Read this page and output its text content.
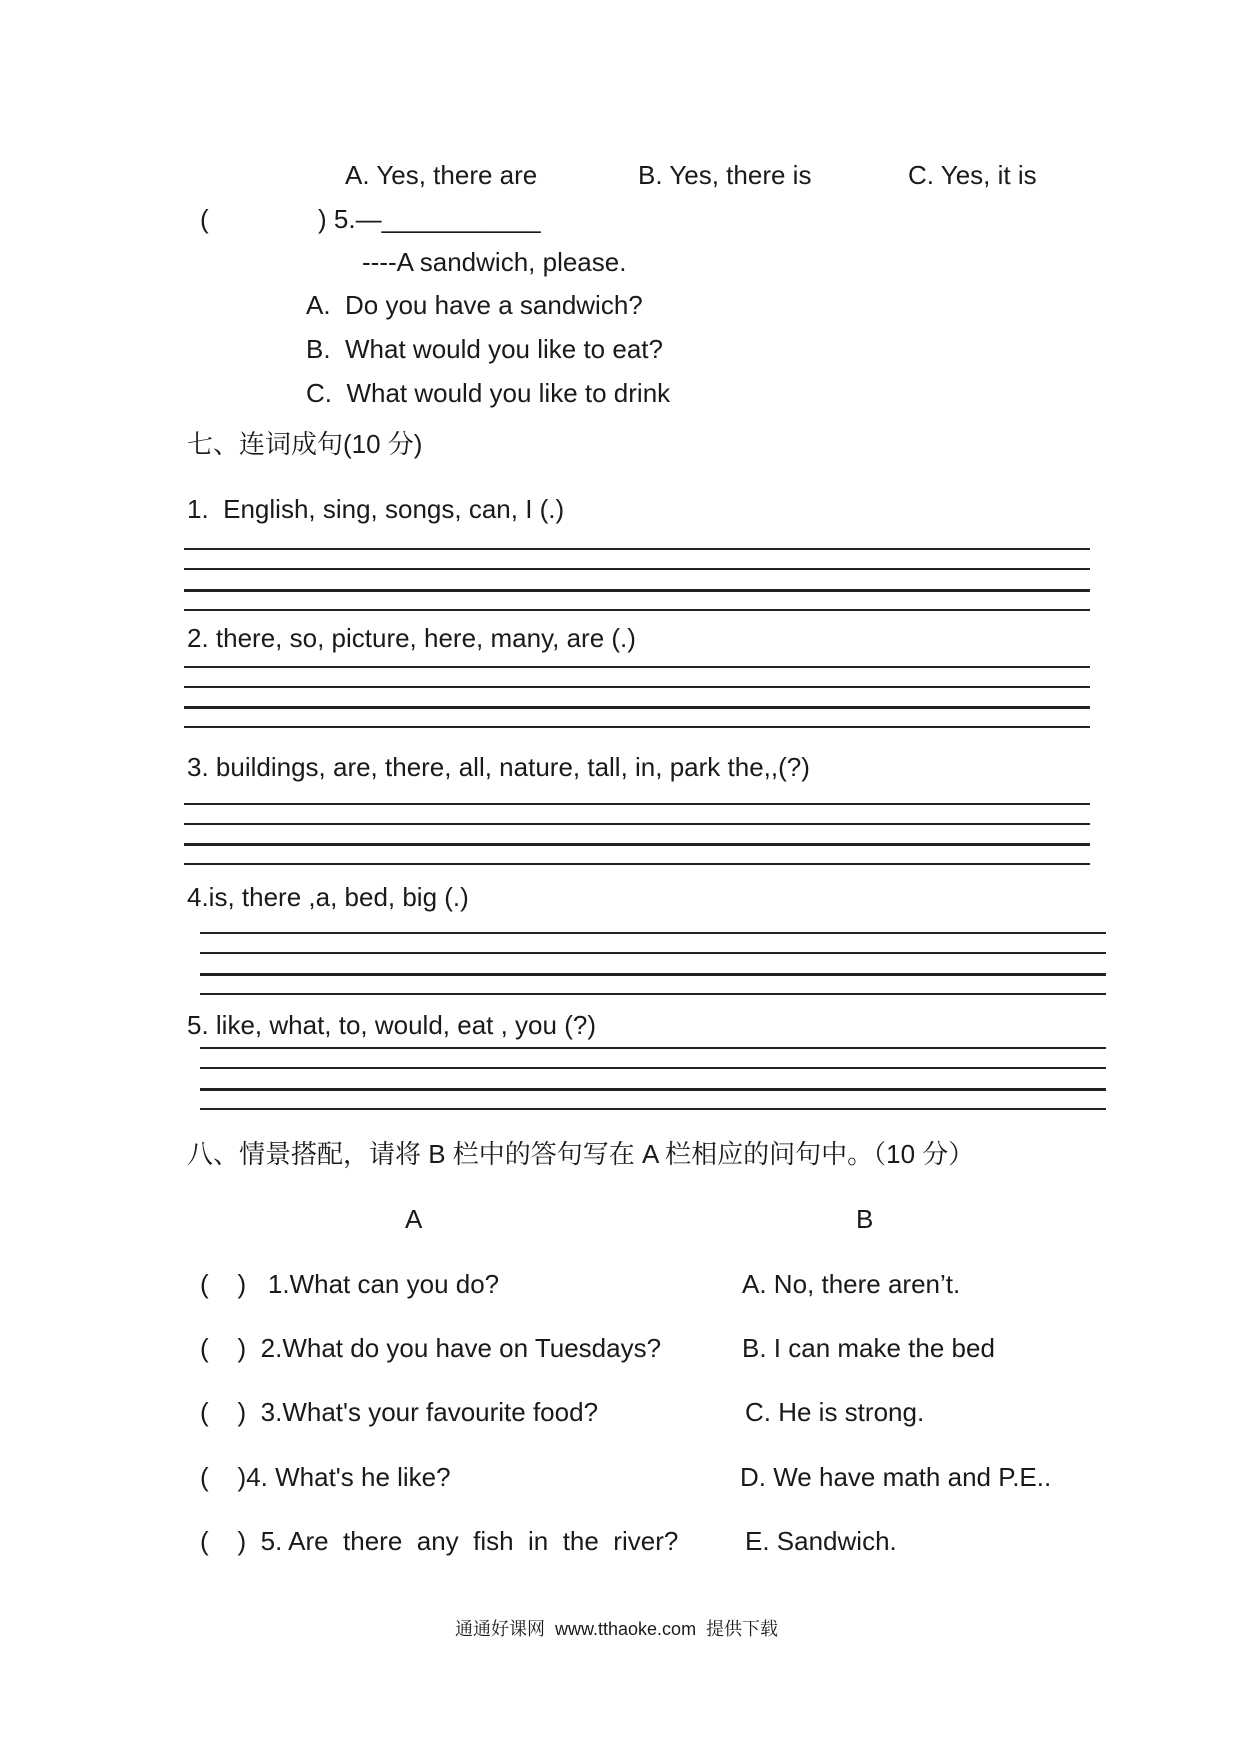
A. Yes, there are	B. Yes, there is	C. Yes, it is
(	) 5.—___________
----A sandwich, please.
A.  Do you have a sandwich?
B.  What would you like to eat?
C.  What would you like to drink
七、连词成句(10 分)
1.  English, sing, songs, can, I (.)
2. there, so, picture, here, many, are (.)
3. buildings, are, there, all, nature, tall, in, park the,,(?)
4.is, there ,a, bed, big (.)
5. like, what, to, would, eat , you (?)
八、情景搭配，请将 B 栏中的答句写在 A 栏相应的问句中。（10 分）
A	B
(    )   1.What can you do?	A. No, there aren’t.
(    )  2.What do you have on Tuesdays?	B. I can make the bed
(    )  3.What's your favourite food?	C. He is strong.
(    )4. What's he like?	D. We have math and P.E..
(    )  5. Are  there  any  fish  in  the  river?	E. Sandwich.
通通好课网  www.tthaoke.com  提供下载
